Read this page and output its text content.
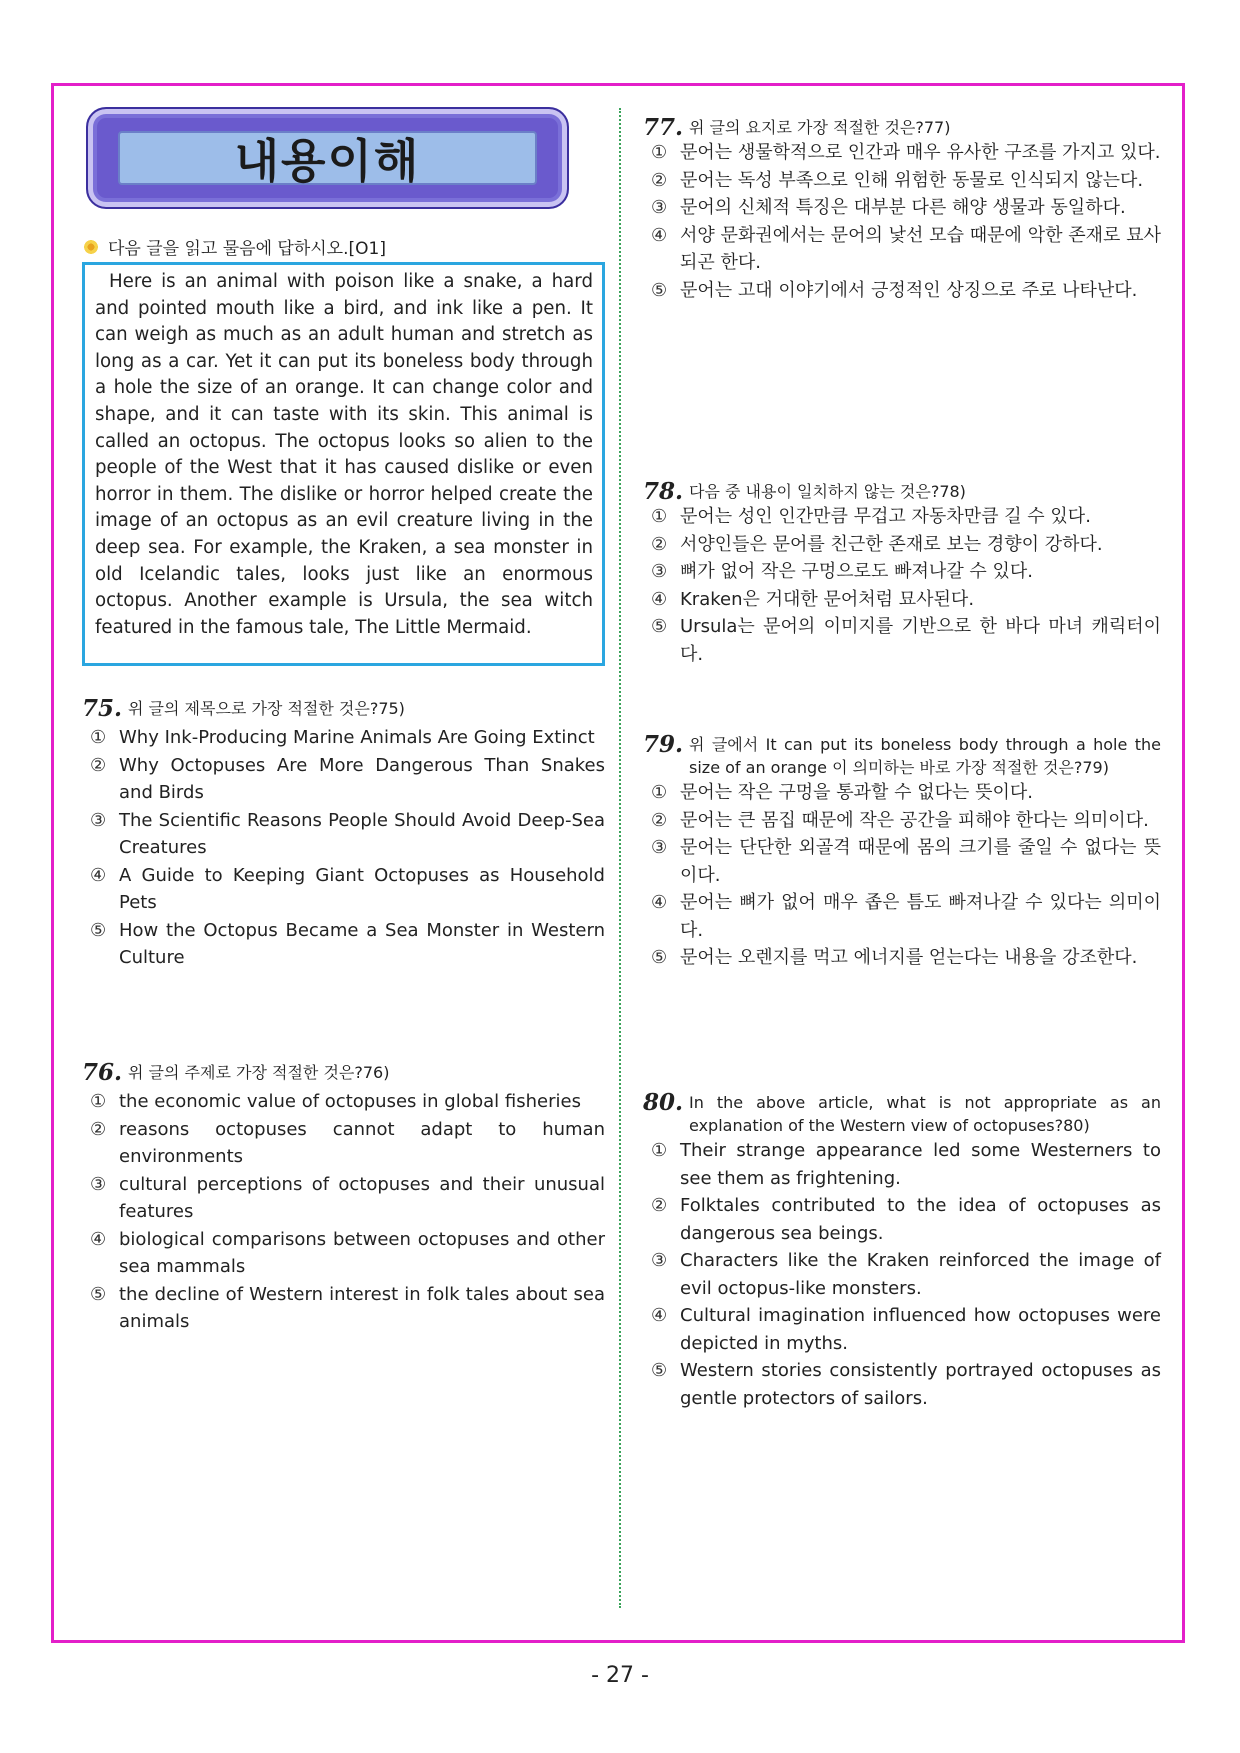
내용이해
다음 글을 읽고 물음에 답하시오.[O1]
Here is an animal with poison like a snake, a hard and pointed mouth like a bird, and ink like a pen. It can weigh as much as an adult human and stretch as long as a car. Yet it can put its boneless body through a hole the size of an orange. It can change color and shape, and it can taste with its skin. This animal is called an octopus. The octopus looks so alien to the people of the West that it has caused dislike or even horror in them. The dislike or horror helped create the image of an octopus as an evil creature living in the deep sea. For example, the Kraken, a sea monster in old Icelandic tales, looks just like an enormous octopus. Another example is Ursula, the sea witch featured in the famous tale, The Little Mermaid.
75. 위 글의 제목으로 가장 적절한 것은?75)
① Why Ink-Producing Marine Animals Are Going Extinct
② Why Octopuses Are More Dangerous Than Snakes and Birds
③ The Scientific Reasons People Should Avoid Deep-Sea Creatures
④ A Guide to Keeping Giant Octopuses as Household Pets
⑤ How the Octopus Became a Sea Monster in Western Culture
76. 위 글의 주제로 가장 적절한 것은?76)
① the economic value of octopuses in global fisheries
② reasons octopuses cannot adapt to human environments
③ cultural perceptions of octopuses and their unusual features
④ biological comparisons between octopuses and other sea mammals
⑤ the decline of Western interest in folk tales about sea animals
77. 위 글의 요지로 가장 적절한 것은?77)
① 문어는 생물학적으로 인간과 매우 유사한 구조를 가지고 있다.
② 문어는 독성 부족으로 인해 위험한 동물로 인식되지 않는다.
③ 문어의 신체적 특징은 대부분 다른 해양 생물과 동일하다.
④ 서양 문화권에서는 문어의 낯선 모습 때문에 악한 존재로 묘사되곤 한다.
⑤ 문어는 고대 이야기에서 긍정적인 상징으로 주로 나타난다.
78. 다음 중 내용이 일치하지 않는 것은?78)
① 문어는 성인 인간만큼 무겁고 자동차만큼 길 수 있다.
② 서양인들은 문어를 친근한 존재로 보는 경향이 강하다.
③ 뼈가 없어 작은 구멍으로도 빠져나갈 수 있다.
④ Kraken은 거대한 문어처럼 묘사된다.
⑤ Ursula는 문어의 이미지를 기반으로 한 바다 마녀 캐릭터이다.
79. 위 글에서 It can put its boneless body through a hole the size of an orange 이 의미하는 바로 가장 적절한 것은?79)
① 문어는 작은 구멍을 통과할 수 없다는 뜻이다.
② 문어는 큰 몸집 때문에 작은 공간을 피해야 한다는 의미이다.
③ 문어는 단단한 외골격 때문에 몸의 크기를 줄일 수 없다는 뜻이다.
④ 문어는 뼈가 없어 매우 좁은 틈도 빠져나갈 수 있다는 의미이다.
⑤ 문어는 오렌지를 먹고 에너지를 얻는다는 내용을 강조한다.
80. In the above article, what is not appropriate as an explanation of the Western view of octopuses?80)
① Their strange appearance led some Westerners to see them as frightening.
② Folktales contributed to the idea of octopuses as dangerous sea beings.
③ Characters like the Kraken reinforced the image of evil octopus-like monsters.
④ Cultural imagination influenced how octopuses were depicted in myths.
⑤ Western stories consistently portrayed octopuses as gentle protectors of sailors.
- 27 -
